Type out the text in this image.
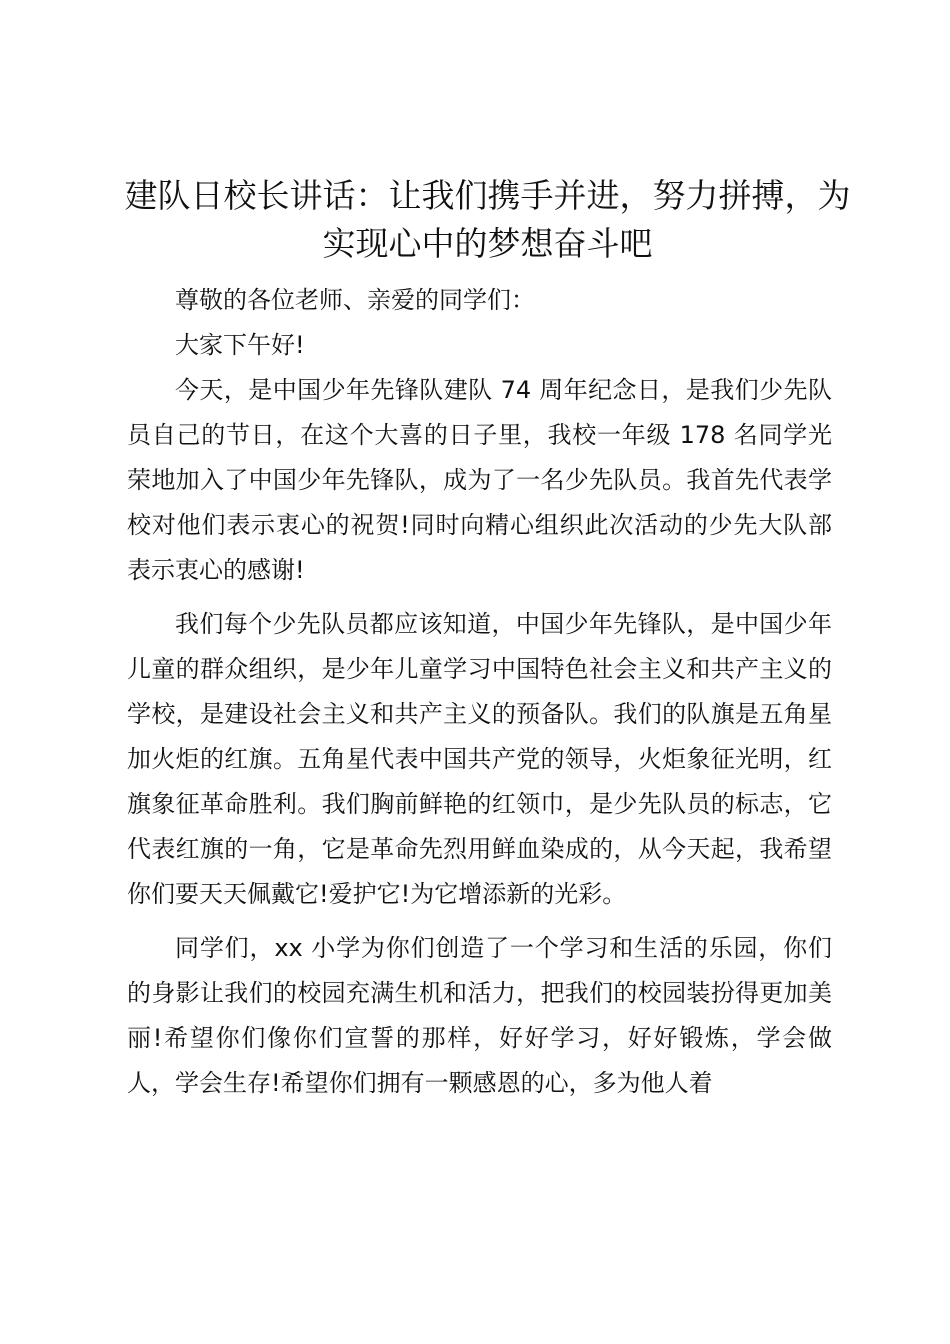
建队日校长讲话：让我们携手并进，努力拼搏，为实现心中的梦想奋斗吧

尊敬的各位老师、亲爱的同学们：

大家下午好!

今天，是中国少年先锋队建队 74 周年纪念日，是我们少先队员自己的节日，在这个大喜的日子里，我校一年级 178 名同学光荣地加入了中国少年先锋队，成为了一名少先队员。我首先代表学校对他们表示衷心的祝贺!同时向精心组织此次活动的少先大队部表示衷心的感谢!

我们每个少先队员都应该知道，中国少年先锋队，是中国少年儿童的群众组织，是少年儿童学习中国特色社会主义和共产主义的学校，是建设社会主义和共产主义的预备队。我们的队旗是五角星加火炬的红旗。五角星代表中国共产党的领导，火炬象征光明，红旗象征革命胜利。我们胸前鲜艳的红领巾，是少先队员的标志，它代表红旗的一角，它是革命先烈用鲜血染成的，从今天起，我希望你们要天天佩戴它!爱护它!为它增添新的光彩。

同学们，xx 小学为你们创造了一个学习和生活的乐园，你们的身影让我们的校园充满生机和活力，把我们的校园装扮得更加美丽!希望你们像你们宣誓的那样，好好学习，好好锻炼，学会做人，学会生存!希望你们拥有一颗感恩的心，多为他人着
